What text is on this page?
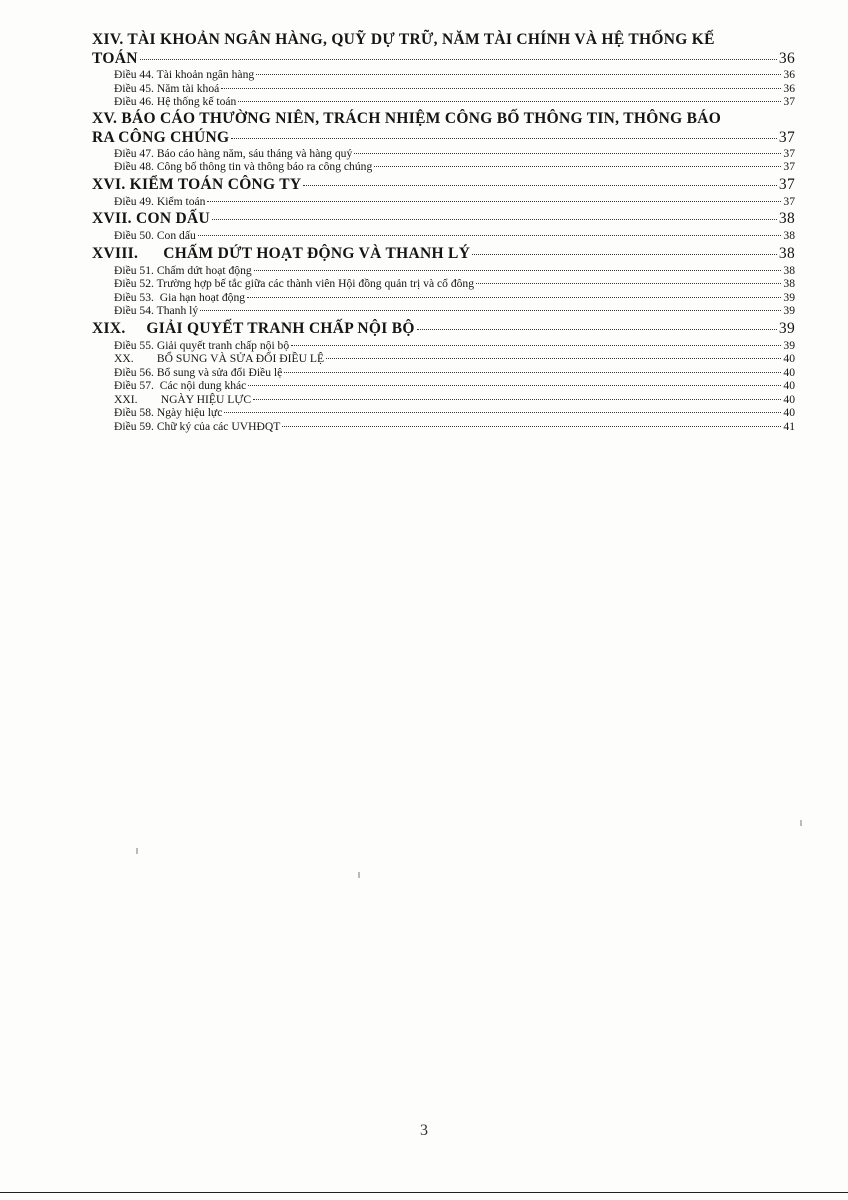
XIV. TÀI KHOẢN NGÂN HÀNG, QUỸ DỰ TRỮ, NĂM TÀI CHÍNH VÀ HỆ THỐNG KẾ
TOÁN	36
Điều 44. Tài khoản ngân hàng	36
Điều 45. Năm tài khoá	36
Điều 46. Hệ thống kế toán	37
XV. BÁO CÁO THƯỜNG NIÊN, TRÁCH NHIỆM CÔNG BỐ THÔNG TIN, THÔNG BÁO
RA CÔNG CHÚNG	37
Điều 47. Báo cáo hàng năm, sáu tháng và hàng quý	37
Điều 48. Công bố thông tin và thông báo ra công chúng	37
XVI. KIỂM TOÁN CÔNG TY	37
Điều 49. Kiểm toán	37
XVII. CON DẤU	38
Điều 50. Con dấu	38
XVIII.      CHẤM DỨT HOẠT ĐỘNG VÀ THANH LÝ	38
Điều 51. Chấm dứt hoạt động	38
Điều 52. Trường hợp bế tắc giữa các thành viên Hội đồng quản trị và cổ đông	38
Điều 53.  Gia hạn hoạt động	39
Điều 54. Thanh lý	39
XIX.     GIẢI QUYẾT TRANH CHẤP NỘI BỘ	39
Điều 55. Giải quyết tranh chấp nội bộ	39
XX.        BỔ SUNG VÀ SỬA ĐỔI ĐIỀU LỆ	40
Điều 56. Bổ sung và sửa đổi Điều lệ	40
Điều 57.  Các nội dung khác	40
XXI.        NGÀY HIỆU LỰC	40
Điều 58. Ngày hiệu lực	40
Điều 59. Chữ ký của các UVHĐQT	41
3
